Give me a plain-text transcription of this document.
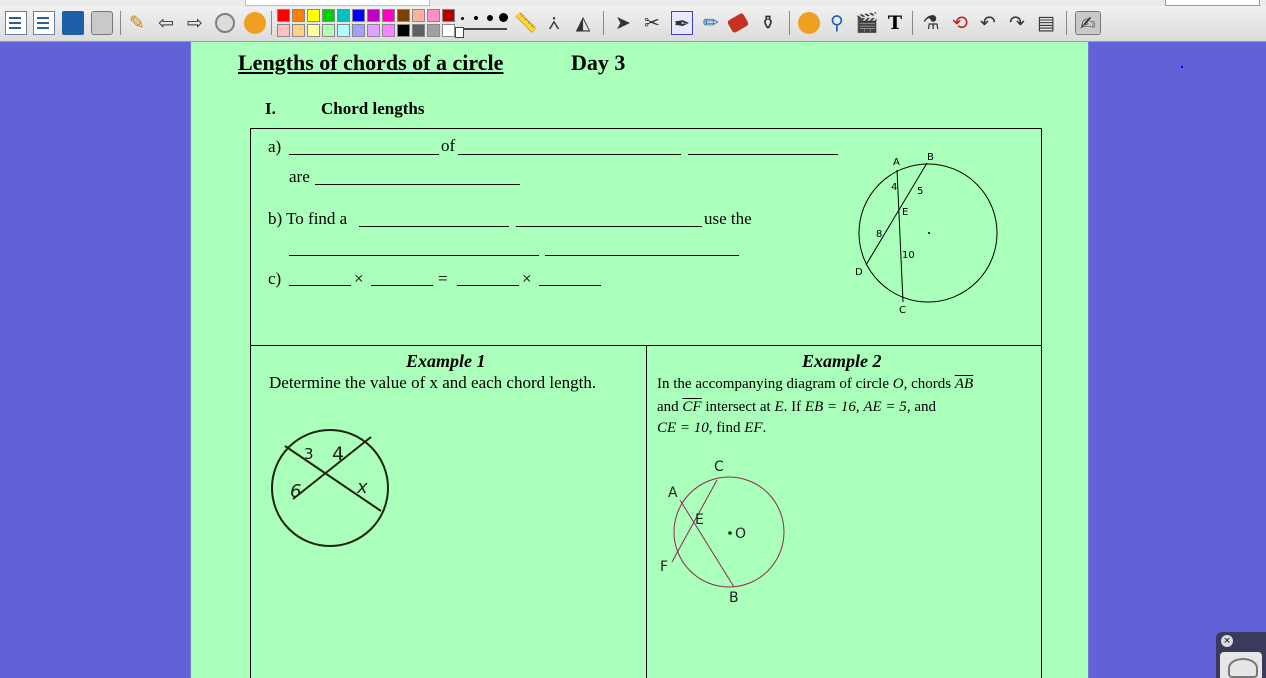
✎ ⇦ ⇨	📏 ⩑ ◭ ➤ ✂ ✒ ✏ ⚱	⚲ 🎬 T ⚗ ⟲ ↶ ↷ ▤ ✍
Lengths of chords of a circle	Day 3
I.	Chord lengths
a)	of
are
b) To find a	use the
c)	×	=	×
A	B
4 5
E
8
10
D
C
Example 1
Determine the value of x and each chord length.
3 4
6	x
Example 2
In the accompanying diagram of circle O, chords $\overline{AB}$
and $\overline{CF}$ intersect at E. If EB = 16, AE = 5, and
CE = 10, find EF.
C
A
E
O
F
B
×
